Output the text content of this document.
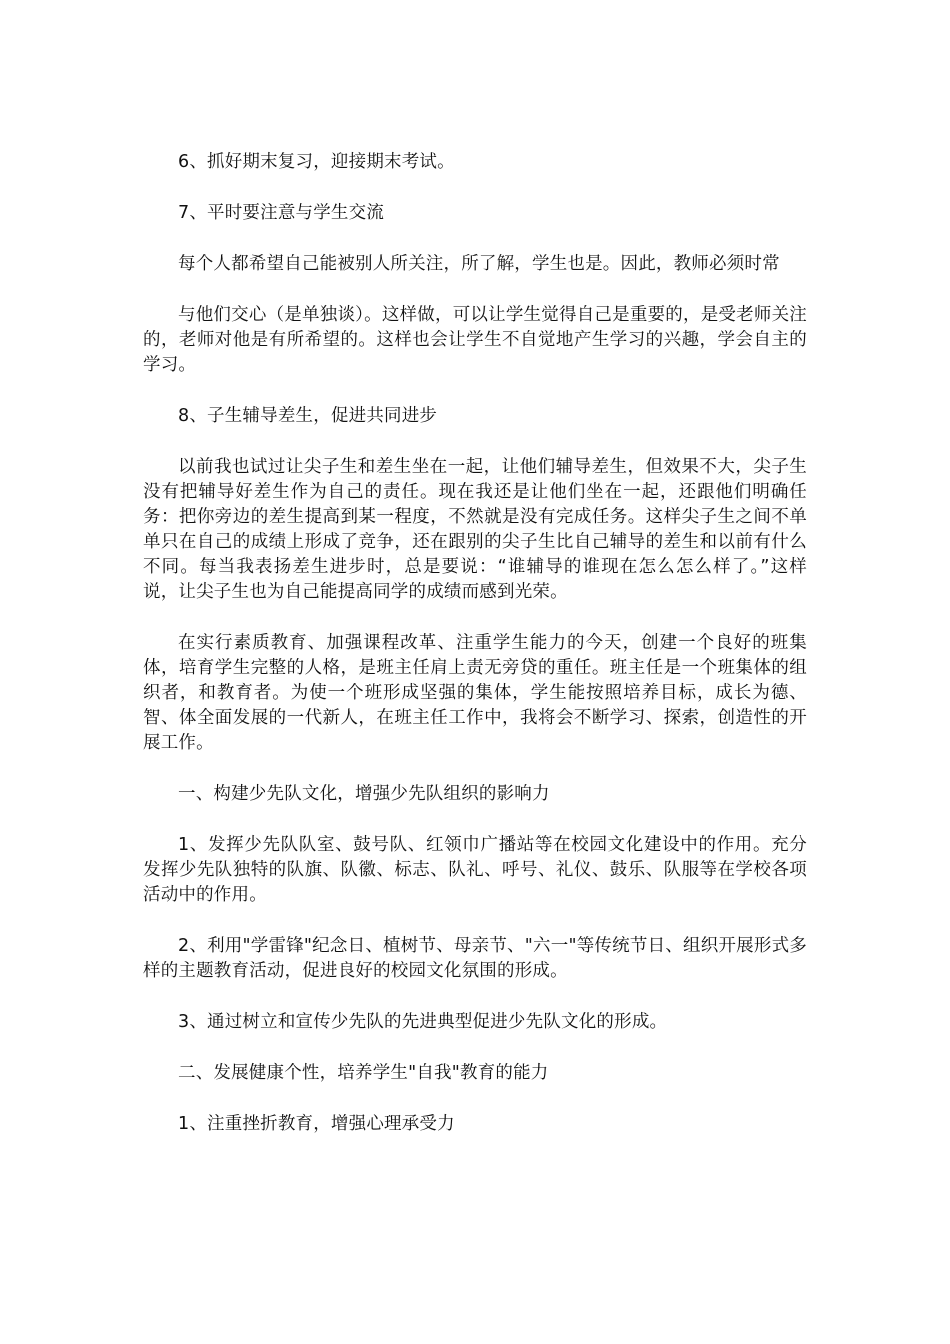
6、抓好期末复习，迎接期末考试。

7、平时要注意与学生交流

每个人都希望自己能被别人所关注，所了解，学生也是。因此，教师必须时常

与他们交心（是单独谈）。这样做，可以让学生觉得自己是重要的，是受老师关注的，老师对他是有所希望的。这样也会让学生不自觉地产生学习的兴趣，学会自主的学习。

8、子生辅导差生，促进共同进步

以前我也试过让尖子生和差生坐在一起，让他们辅导差生，但效果不大，尖子生没有把辅导好差生作为自己的责任。现在我还是让他们坐在一起，还跟他们明确任务：把你旁边的差生提高到某一程度，不然就是没有完成任务。这样尖子生之间不单单只在自己的成绩上形成了竞争，还在跟别的尖子生比自己辅导的差生和以前有什么不同。每当我表扬差生进步时，总是要说：“谁辅导的谁现在怎么怎么样了。”这样说，让尖子生也为自己能提高同学的成绩而感到光荣。

在实行素质教育、加强课程改革、注重学生能力的今天，创建一个良好的班集体，培育学生完整的人格，是班主任肩上责无旁贷的重任。班主任是一个班集体的组织者，和教育者。为使一个班形成坚强的集体，学生能按照培养目标，成长为德、智、体全面发展的一代新人，在班主任工作中，我将会不断学习、探索，创造性的开展工作。

一、构建少先队文化，增强少先队组织的影响力

1、发挥少先队队室、鼓号队、红领巾广播站等在校园文化建设中的作用。充分发挥少先队独特的队旗、队徽、标志、队礼、呼号、礼仪、鼓乐、队服等在学校各项活动中的作用。

2、利用"学雷锋"纪念日、植树节、母亲节、"六一"等传统节日、组织开展形式多样的主题教育活动，促进良好的校园文化氛围的形成。

3、通过树立和宣传少先队的先进典型促进少先队文化的形成。

二、发展健康个性，培养学生"自我"教育的能力

1、注重挫折教育，增强心理承受力
